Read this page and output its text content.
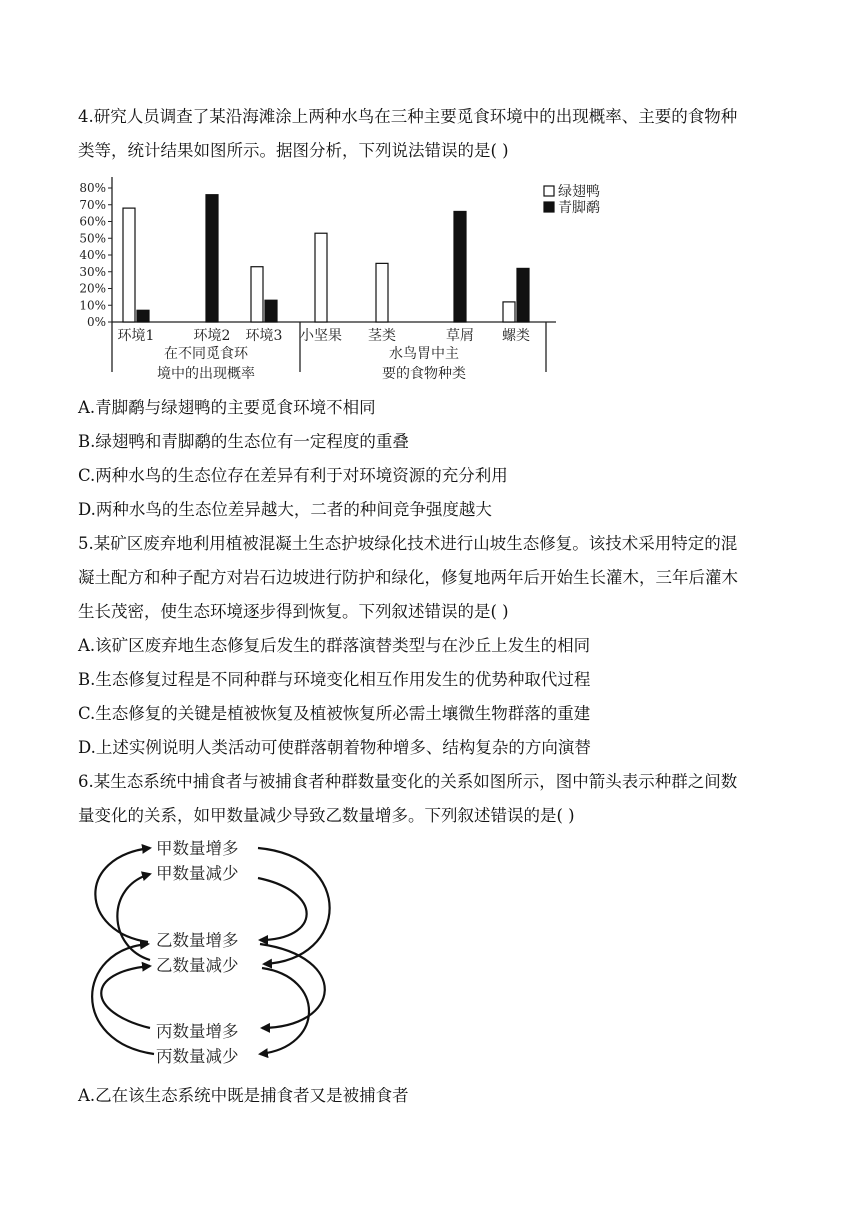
4.研究人员调查了某沿海滩涂上两种水鸟在三种主要觅食环境中的出现概率、主要的食物种
类等，统计结果如图所示。据图分析，下列说法错误的是( )
0%
10%
20%
30%
40%
50%
60%
70%
80%
环境1	环境2 环境3 小坚果 茎类	草屑 螺类
在不同觅食环
境中的出现概率
水鸟胃中主
要的食物种类
绿翅鸭
青脚鹬
A.青脚鹬与绿翅鸭的主要觅食环境不相同
B.绿翅鸭和青脚鹬的生态位有一定程度的重叠
C.两种水鸟的生态位存在差异有利于对环境资源的充分利用
D.两种水鸟的生态位差异越大，二者的种间竞争强度越大
5.某矿区废弃地利用植被混凝土生态护坡绿化技术进行山坡生态修复。该技术采用特定的混
凝土配方和种子配方对岩石边坡进行防护和绿化，修复地两年后开始生长灌木，三年后灌木
生长茂密，使生态环境逐步得到恢复。下列叙述错误的是( )
A.该矿区废弃地生态修复后发生的群落演替类型与在沙丘上发生的相同
B.生态修复过程是不同种群与环境变化相互作用发生的优势种取代过程
C.生态修复的关键是植被恢复及植被恢复所必需土壤微生物群落的重建
D.上述实例说明人类活动可使群落朝着物种增多、结构复杂的方向演替
6.某生态系统中捕食者与被捕食者种群数量变化的关系如图所示，图中箭头表示种群之间数
量变化的关系，如甲数量减少导致乙数量增多。下列叙述错误的是( )
甲数量增多
甲数量减少
乙数量增多
乙数量减少
丙数量增多
丙数量减少
A.乙在该生态系统中既是捕食者又是被捕食者
